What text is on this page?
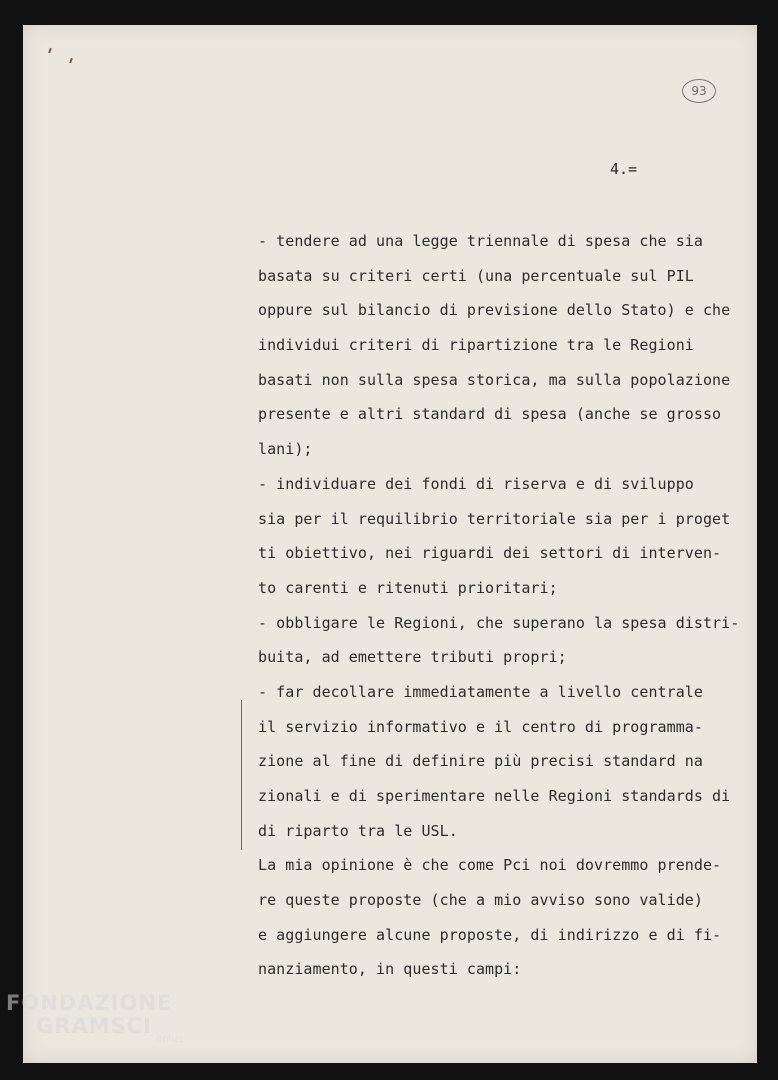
93
4.=
- tendere ad una legge triennale di spesa che sia
basata su criteri certi (una percentuale sul PIL
oppure sul bilancio di previsione dello Stato) e che
individui criteri di ripartizione tra le Regioni
basati non sulla spesa storica, ma sulla popolazione
presente e altri standard di spesa (anche se grosso
lani);
- individuare dei fondi di riserva e di sviluppo
sia per il requilibrio territoriale sia per i proget
ti obiettivo, nei riguardi dei settori di interven-
to carenti e ritenuti prioritari;
- obbligare le Regioni, che superano la spesa distri-
buita, ad emettere tributi propri;
- far decollare immediatamente a livello centrale
il servizio informativo e il centro di programma-
zione al fine di definire più precisi standard na
zionali e di sperimentare nelle Regioni standards di
di riparto tra le USL.
La mia opinione è che come Pci noi dovremmo prende-
re queste proposte (che a mio avviso sono valide)
e aggiungere alcune proposte, di indirizzo e di fi-
nanziamento, in questi campi:
FONDAZIONE
GRAMSCI
onlus
